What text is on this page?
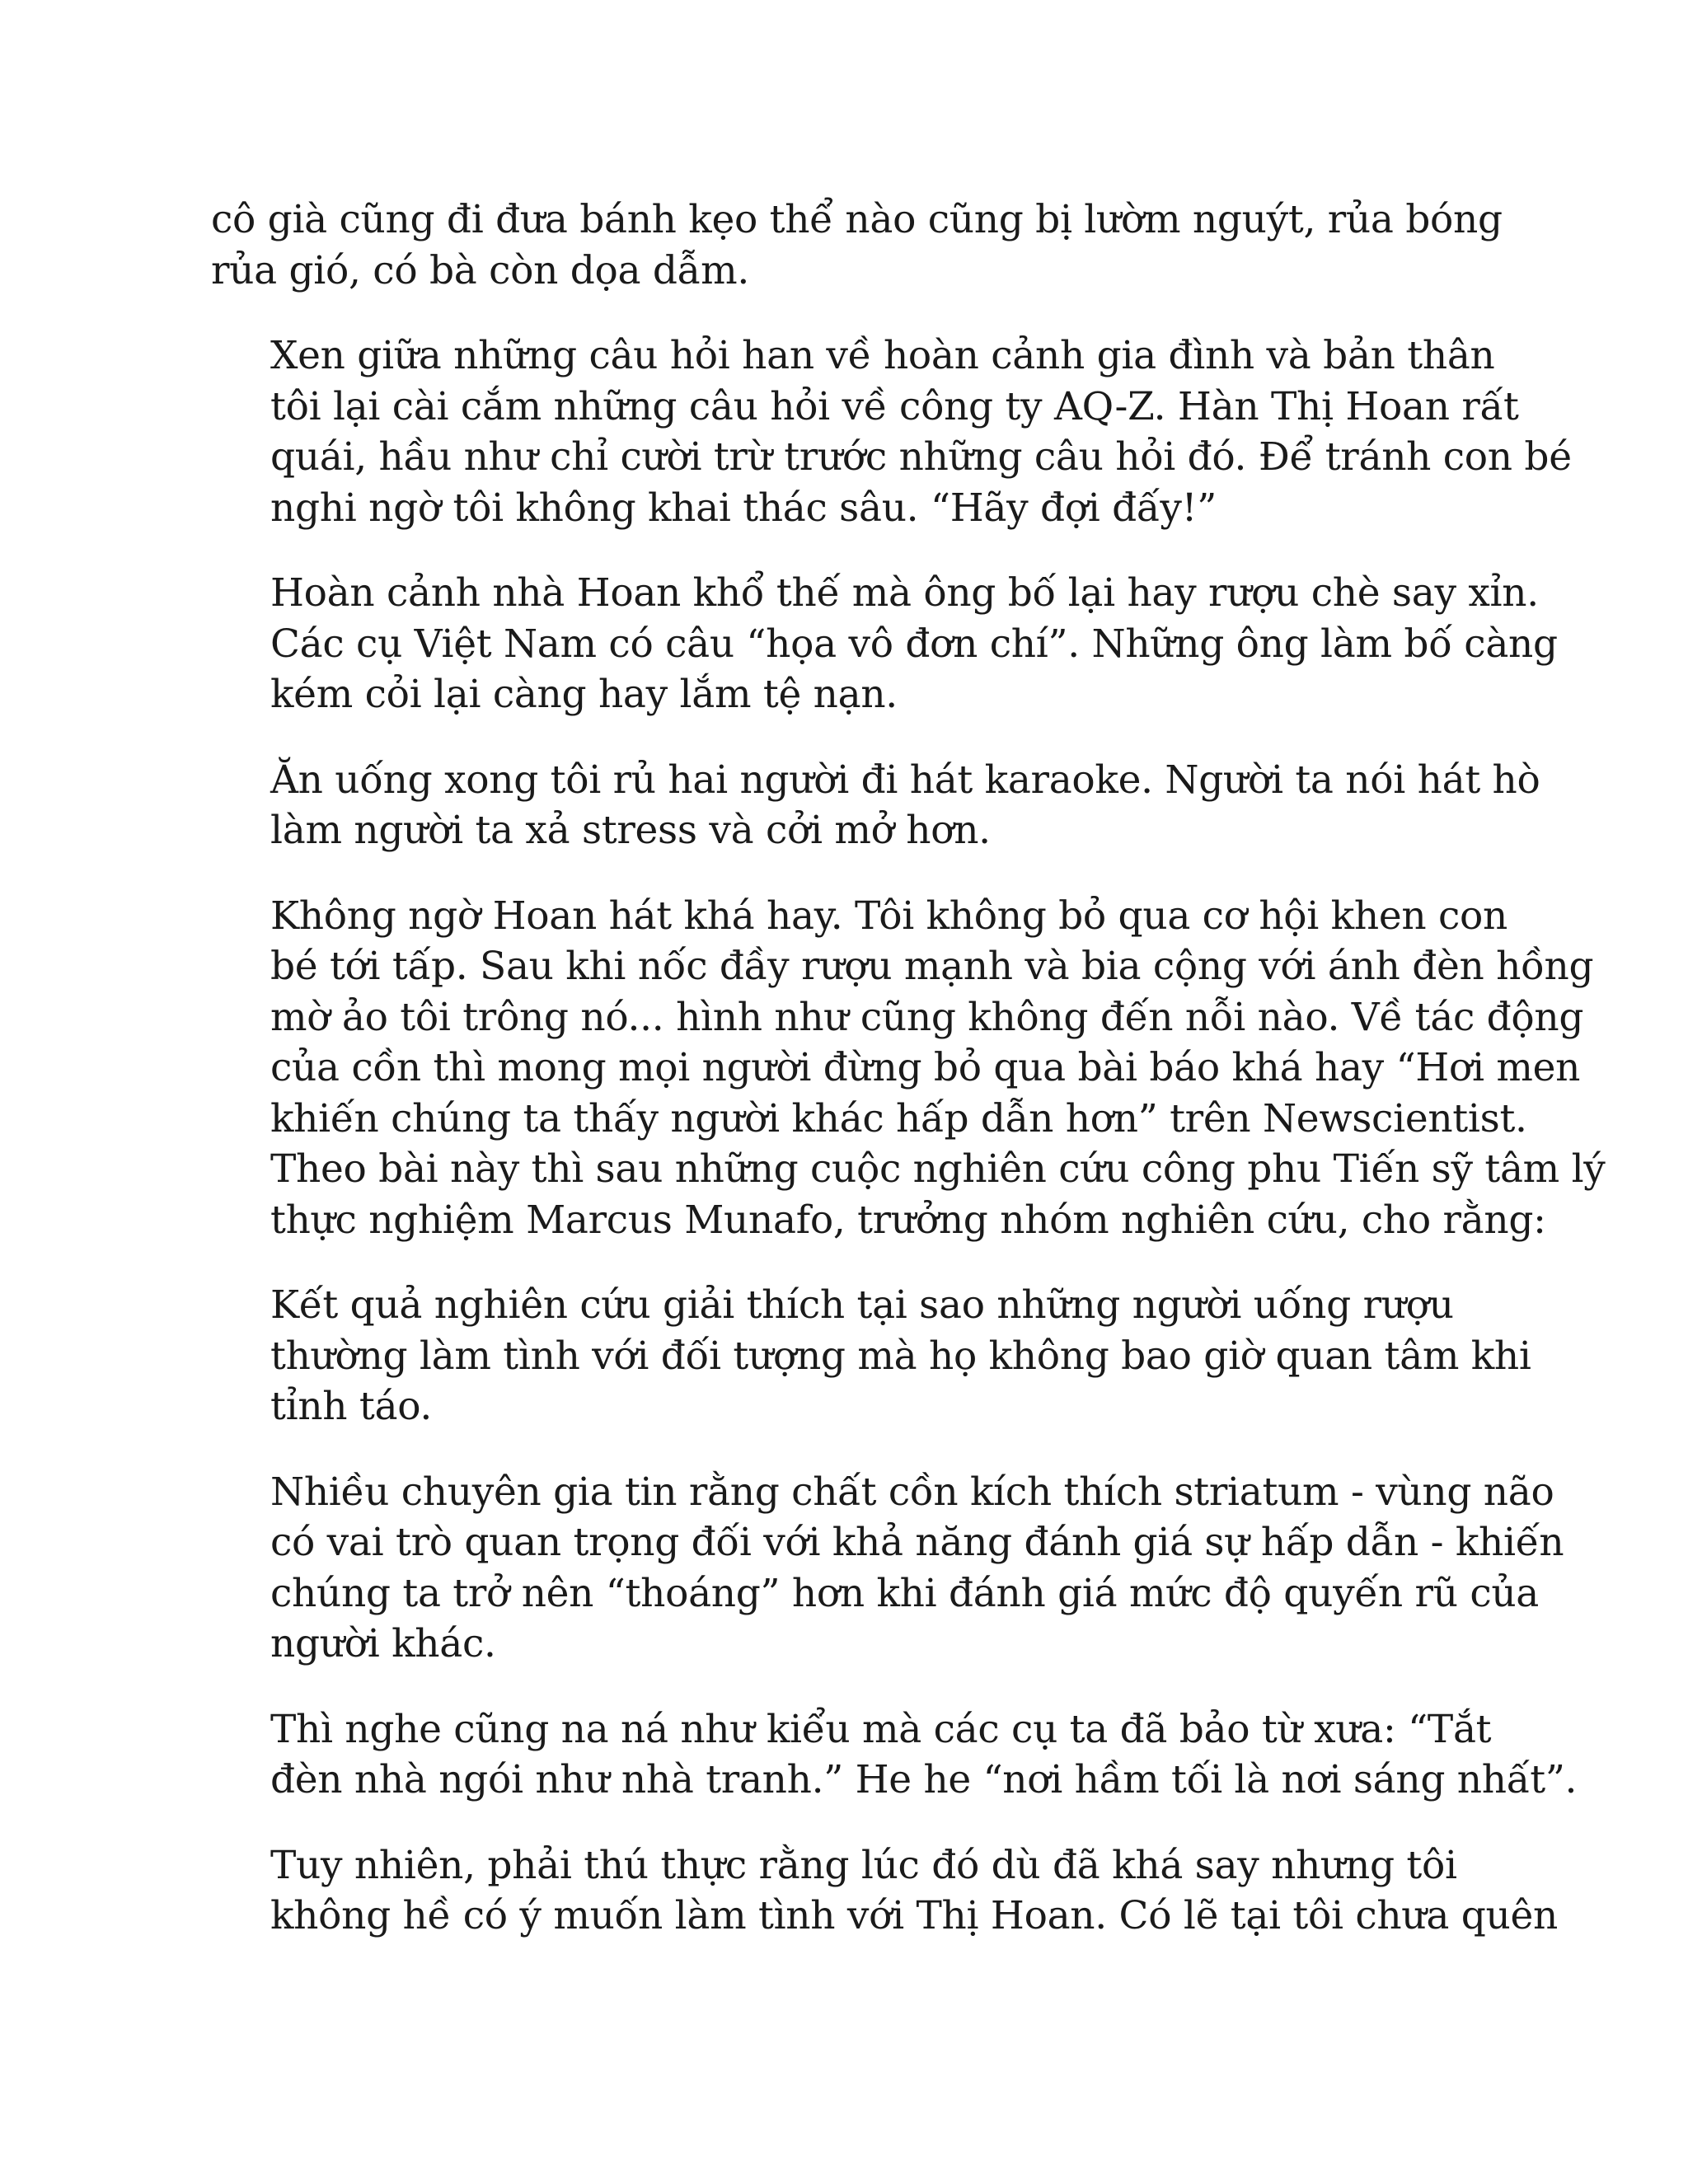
cô già cũng đi đưa bánh kẹo thể nào cũng bị lườm nguýt, rủa bóng
rủa gió, có bà còn dọa dẫm.

Xen giữa những câu hỏi han về hoàn cảnh gia đình và bản thân
tôi lại cài cắm những câu hỏi về công ty AQ-Z. Hàn Thị Hoan rất
quái, hầu như chỉ cười trừ trước những câu hỏi đó. Để tránh con bé
nghi ngờ tôi không khai thác sâu. “Hãy đợi đấy!”

Hoàn cảnh nhà Hoan khổ thế mà ông bố lại hay rượu chè say xỉn.
Các cụ Việt Nam có câu “họa vô đơn chí”. Những ông làm bố càng
kém cỏi lại càng hay lắm tệ nạn.

Ăn uống xong tôi rủ hai người đi hát karaoke. Người ta nói hát hò
làm người ta xả stress và cởi mở hơn.

Không ngờ Hoan hát khá hay. Tôi không bỏ qua cơ hội khen con
bé tới tấp. Sau khi nốc đầy rượu mạnh và bia cộng với ánh đèn hồng
mờ ảo tôi trông nó... hình như cũng không đến nỗi nào. Về tác động
của cồn thì mong mọi người đừng bỏ qua bài báo khá hay “Hơi men
khiến chúng ta thấy người khác hấp dẫn hơn” trên Newscientist.
Theo bài này thì sau những cuộc nghiên cứu công phu Tiến sỹ tâm lý
thực nghiệm Marcus Munafo, trưởng nhóm nghiên cứu, cho rằng:

Kết quả nghiên cứu giải thích tại sao những người uống rượu
thường làm tình với đối tượng mà họ không bao giờ quan tâm khi
tỉnh táo.

Nhiều chuyên gia tin rằng chất cồn kích thích striatum - vùng não
có vai trò quan trọng đối với khả năng đánh giá sự hấp dẫn - khiến
chúng ta trở nên “thoáng” hơn khi đánh giá mức độ quyến rũ của
người khác.

Thì nghe cũng na ná như kiểu mà các cụ ta đã bảo từ xưa: “Tắt
đèn nhà ngói như nhà tranh.” He he “nơi hầm tối là nơi sáng nhất”.

Tuy nhiên, phải thú thực rằng lúc đó dù đã khá say nhưng tôi
không hề có ý muốn làm tình với Thị Hoan. Có lẽ tại tôi chưa quên
